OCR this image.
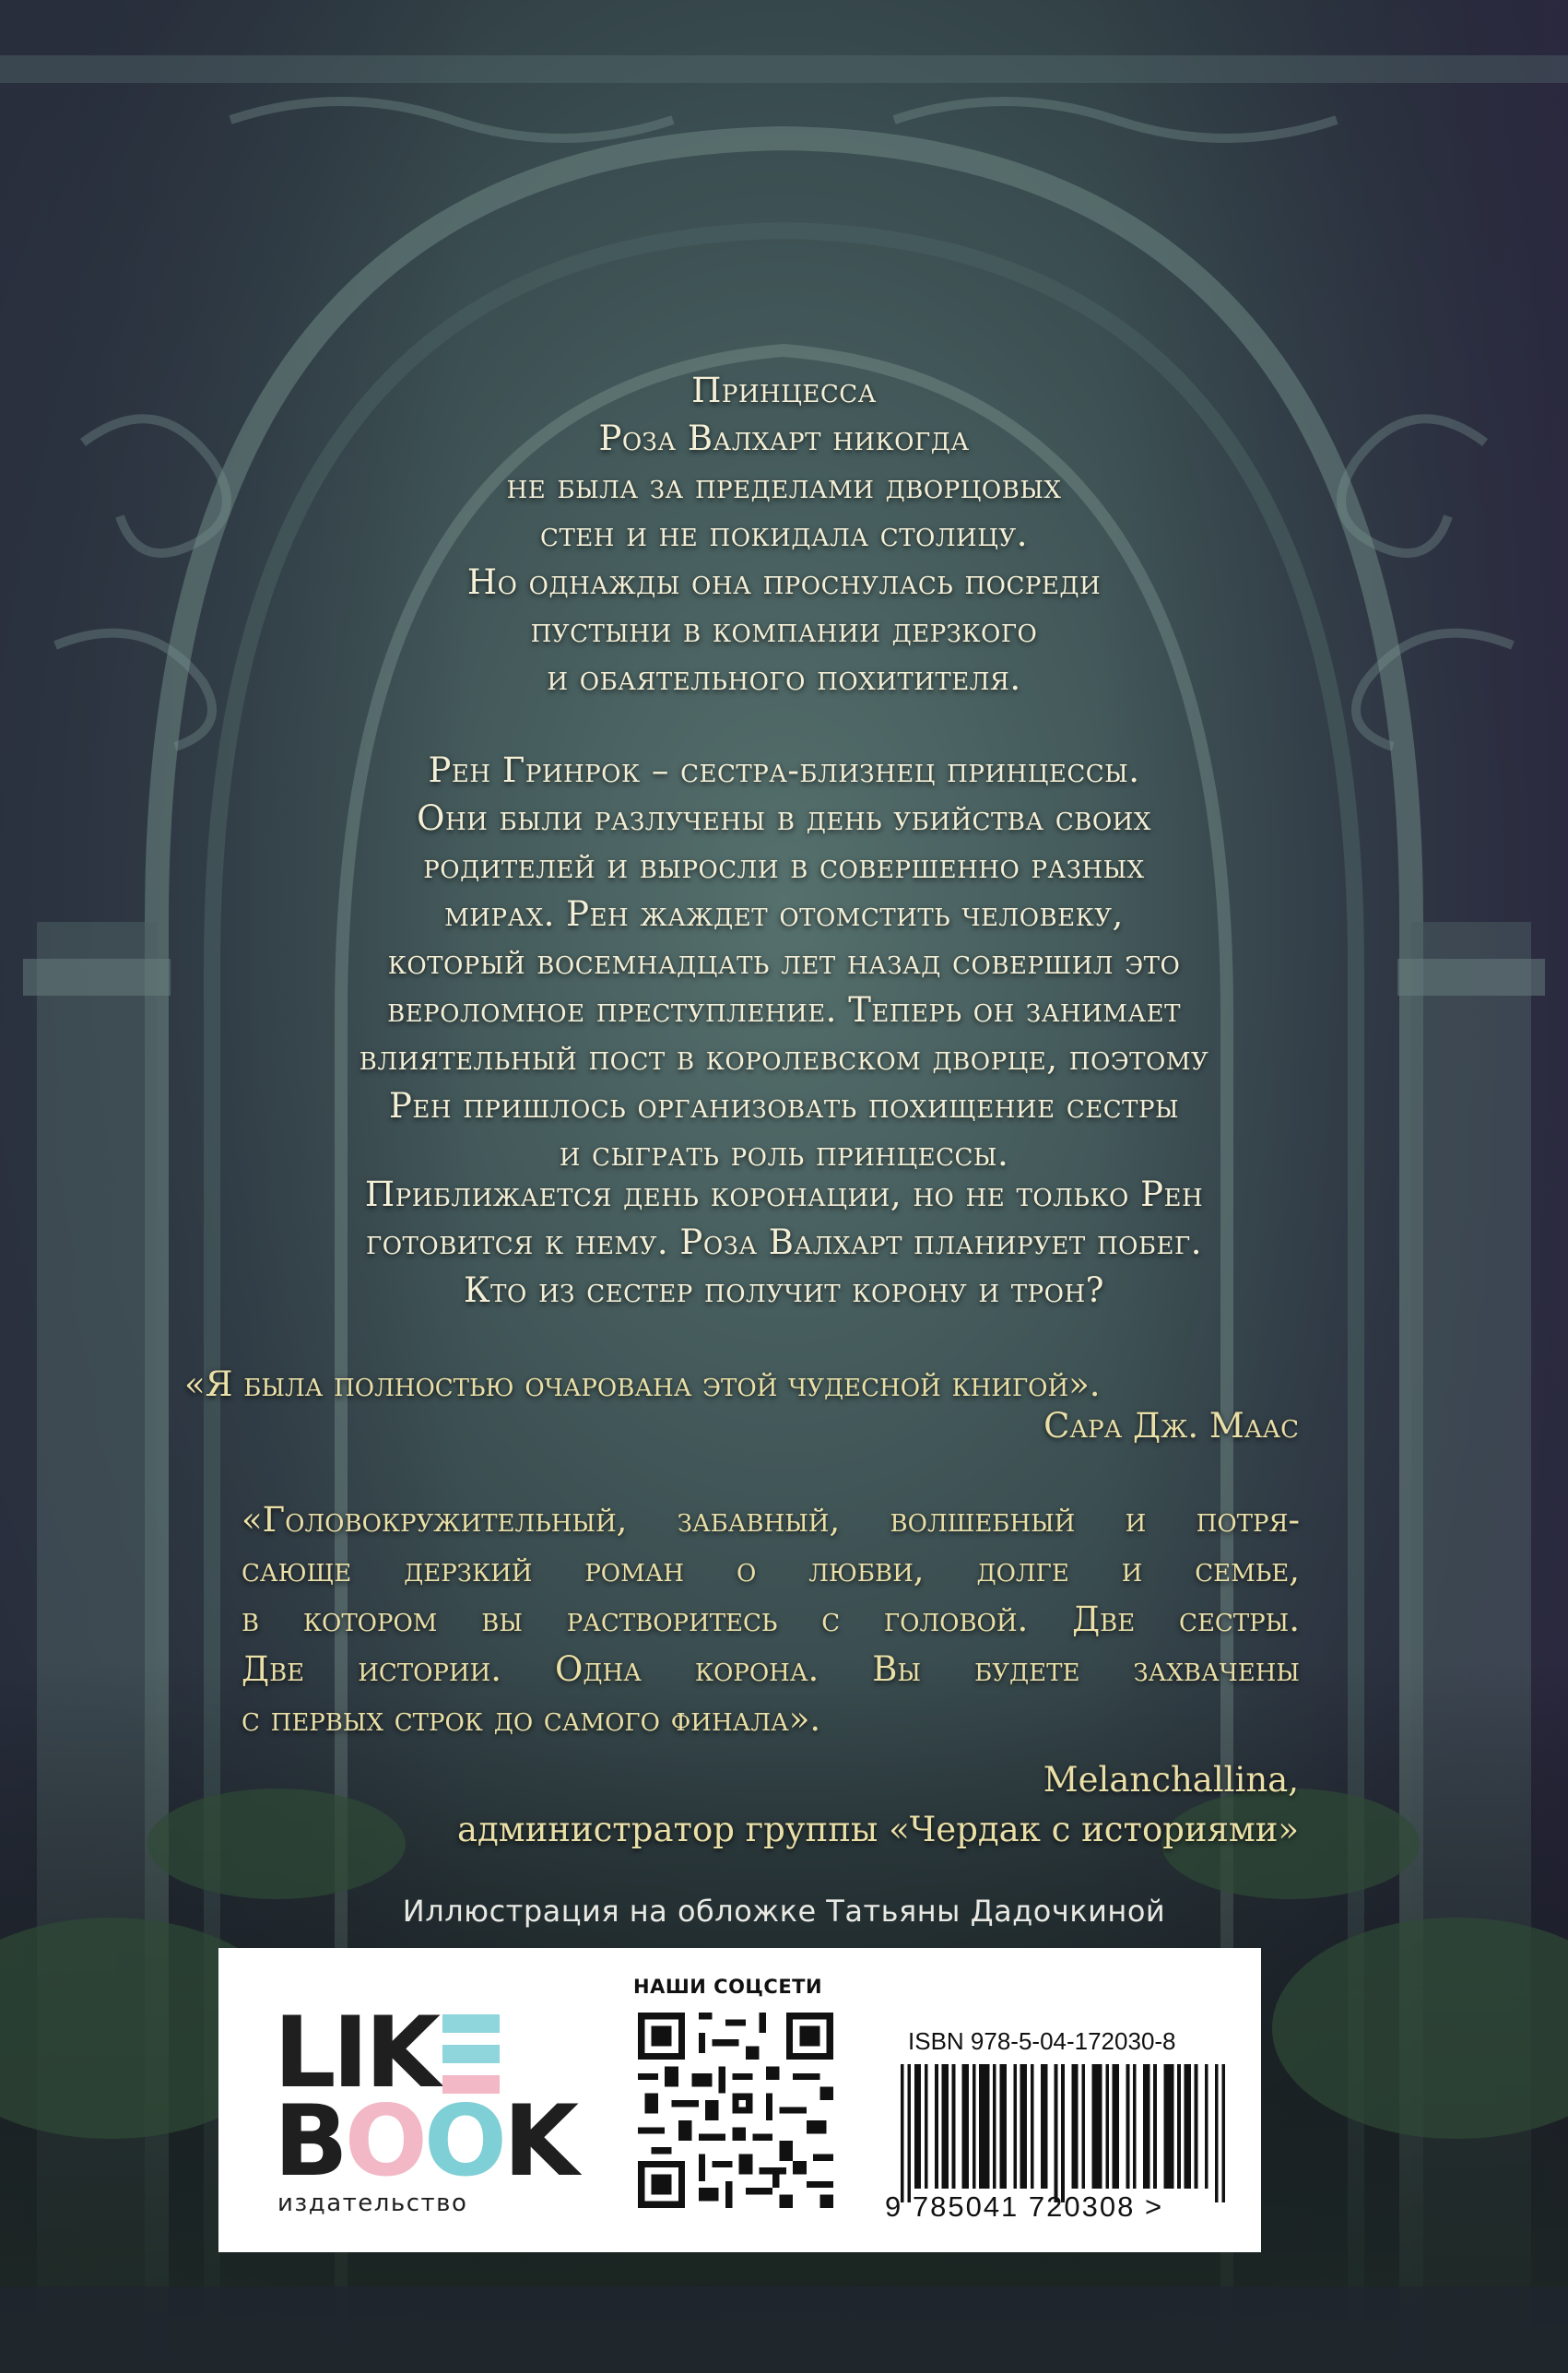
Принцесса
Роза Валхарт никогда
не была за пределами дворцовых
стен и не покидала столицу.
Но однажды она проснулась посреди
пустыни в компании дерзкого
и обаятельного похитителя.
Рен Гринрок – сестра-близнец принцессы.
Они были разлучены в день убийства своих
родителей и выросли в совершенно разных
мирах. Рен жаждет отомстить человеку,
который восемнадцать лет назад совершил это
вероломное преступление. Теперь он занимает
влиятельный пост в королевском дворце, поэтому
Рен пришлось организовать похищение сестры
и сыграть роль принцессы.
Приближается день коронации, но не только Рен
готовится к нему. Роза Валхарт планирует побег.
Кто из сестер получит корону и трон?
«Я была полностью очарована этой чудесной книгой».
Сара Дж. Маас
«Головокружительный, забавный, волшебный и потря-
сающе дерзкий роман о любви, долге и семье,
в котором вы растворитесь с головой. Две сестры.
Две истории. Одна корона. Вы будете захвачены
с первых строк до самого финала».
Melanchallina,
администратор группы «Чердак с историями»
Иллюстрация на обложке Татьяны Дадочкиной
LIK
BOOK
издательство
НАШИ СОЦСЕТИ
ISBN 978-5-04-172030-8
9 785041 720308 >
